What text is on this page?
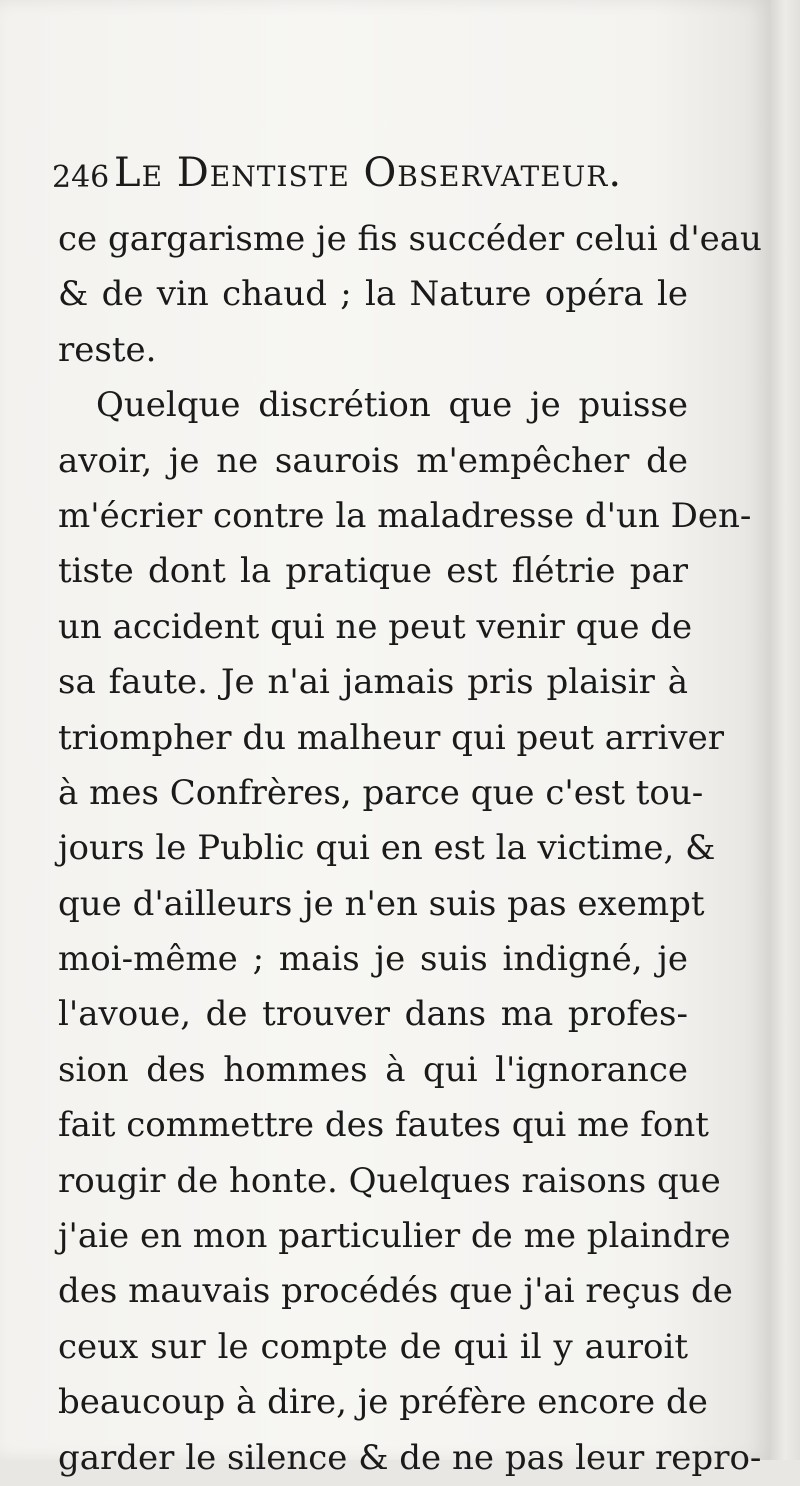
246 Le Dentiste Observateur.
ce gargarisme je fis succéder celui d'eau
& de vin chaud ; la Nature opéra le
reste.
Quelque discrétion que je puisse
avoir, je ne saurois m'empêcher de
m'écrier contre la maladresse d'un Den-
tiste dont la pratique est flétrie par
un accident qui ne peut venir que de
sa faute. Je n'ai jamais pris plaisir à
triompher du malheur qui peut arriver
à mes Confrères, parce que c'est tou-
jours le Public qui en est la victime, &
que d'ailleurs je n'en suis pas exempt
moi-même ; mais je suis indigné, je
l'avoue, de trouver dans ma profes-
sion des hommes à qui l'ignorance
fait commettre des fautes qui me font
rougir de honte. Quelques raisons que
j'aie en mon particulier de me plaindre
des mauvais procédés que j'ai reçus de
ceux sur le compte de qui il y auroit
beaucoup à dire, je préfère encore de
garder le silence & de ne pas leur repro-
